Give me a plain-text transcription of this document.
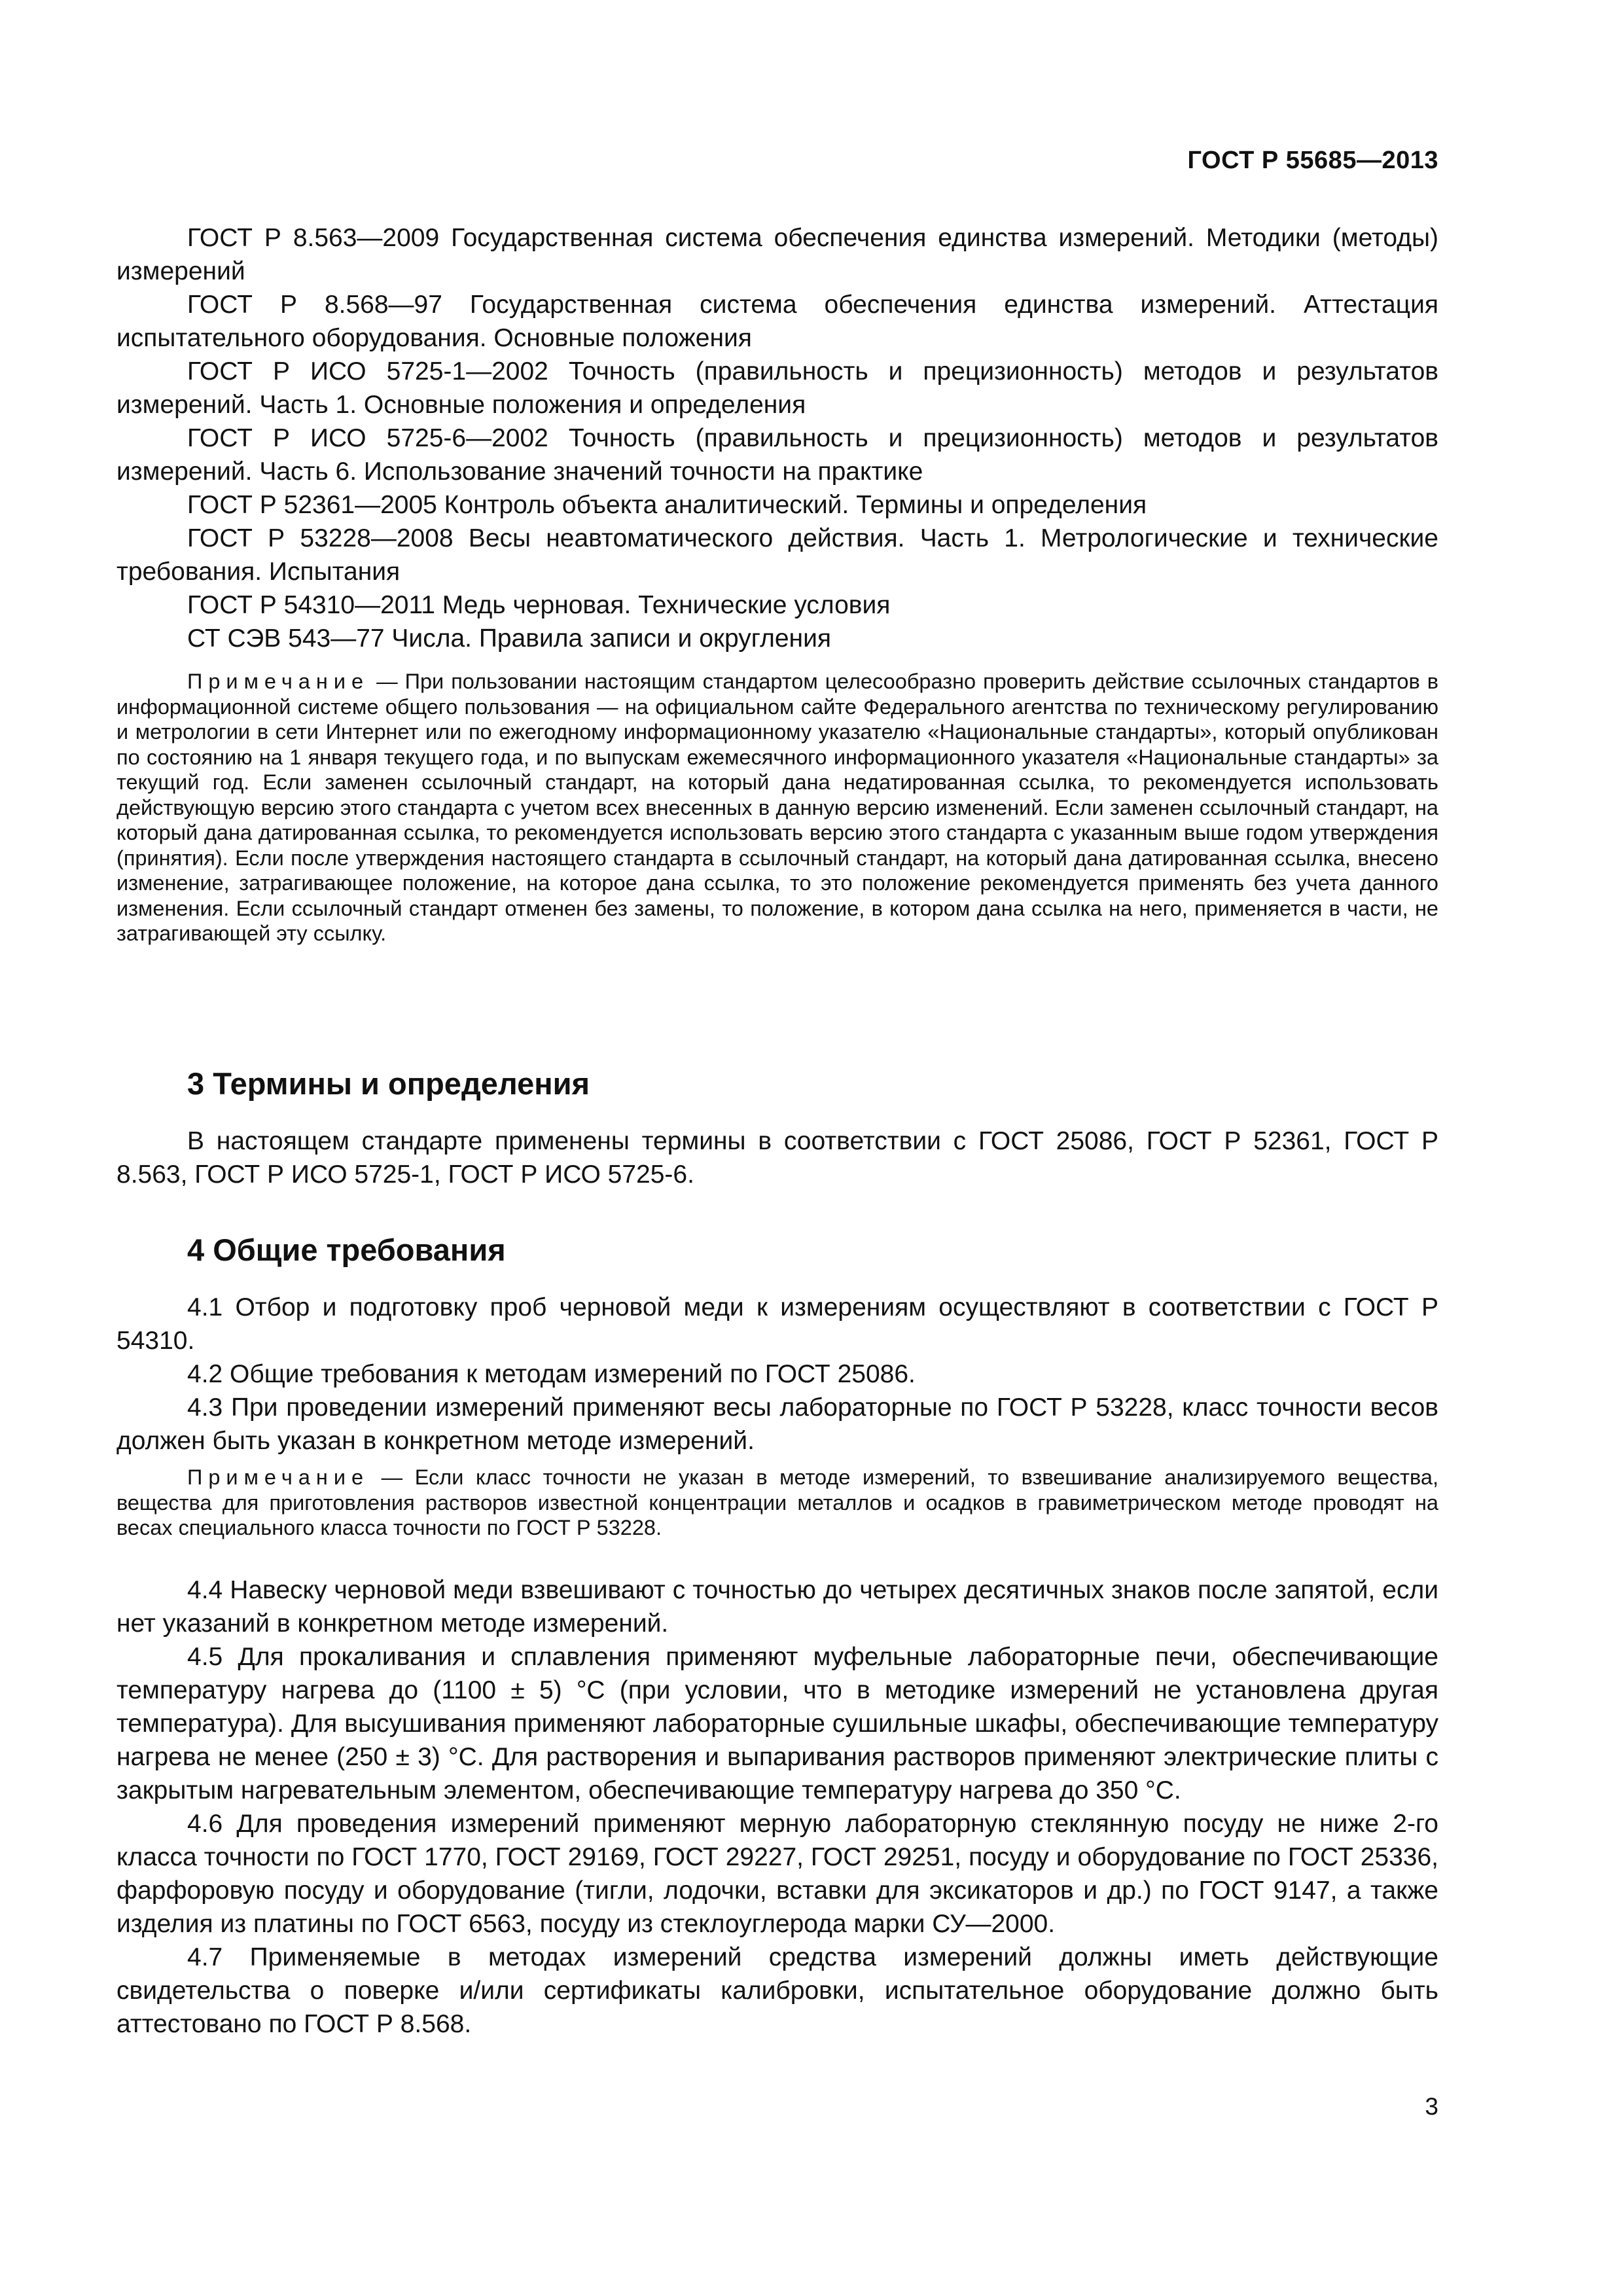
ГОСТ Р 55685—2013

ГОСТ Р 8.563—2009 Государственная система обеспечения единства измерений. Методики (методы) измерений

ГОСТ Р 8.568—97 Государственная система обеспечения единства измерений. Аттестация испытательного оборудования. Основные положения

ГОСТ Р ИСО 5725-1—2002 Точность (правильность и прецизионность) методов и результатов измерений. Часть 1. Основные положения и определения

ГОСТ Р ИСО 5725-6—2002 Точность (правильность и прецизионность) методов и результатов измерений. Часть 6. Использование значений точности на практике

ГОСТ Р 52361—2005 Контроль объекта аналитический. Термины и определения

ГОСТ Р 53228—2008 Весы неавтоматического действия. Часть 1. Метрологические и технические требования. Испытания

ГОСТ Р 54310—2011 Медь черновая. Технические условия

СТ СЭВ 543—77 Числа. Правила записи и округления

Примечание — При пользовании настоящим стандартом целесообразно проверить действие ссылочных стандартов в информационной системе общего пользования — на официальном сайте Федерального агентства по техническому регулированию и метрологии в сети Интернет или по ежегодному информационному указателю «Национальные стандарты», который опубликован по состоянию на 1 января текущего года, и по выпускам ежемесячного информационного указателя «Национальные стандарты» за текущий год. Если заменен ссылочный стандарт, на который дана недатированная ссылка, то рекомендуется использовать действующую версию этого стандарта с учетом всех внесенных в данную версию изменений. Если заменен ссылочный стандарт, на который дана датированная ссылка, то рекомендуется использовать версию этого стандарта с указанным выше годом утверждения (принятия). Если после утверждения настоящего стандарта в ссылочный стандарт, на который дана датированная ссылка, внесено изменение, затрагивающее положение, на которое дана ссылка, то это положение рекомендуется применять без учета данного изменения. Если ссылочный стандарт отменен без замены, то положение, в котором дана ссылка на него, применяется в части, не затрагивающей эту ссылку.

3 Термины и определения

В настоящем стандарте применены термины в соответствии с ГОСТ 25086, ГОСТ Р 52361, ГОСТ Р 8.563, ГОСТ Р ИСО 5725-1, ГОСТ Р ИСО 5725-6.

4 Общие требования

4.1 Отбор и подготовку проб черновой меди к измерениям осуществляют в соответствии с ГОСТ Р 54310.

4.2 Общие требования к методам измерений по ГОСТ 25086.

4.3 При проведении измерений применяют весы лабораторные по ГОСТ Р 53228, класс точности весов должен быть указан в конкретном методе измерений.

Примечание — Если класс точности не указан в методе измерений, то взвешивание анализируемого вещества, вещества для приготовления растворов известной концентрации металлов и осадков в гравиметрическом методе проводят на весах специального класса точности по ГОСТ Р 53228.

4.4 Навеску черновой меди взвешивают с точностью до четырех десятичных знаков после запятой, если нет указаний в конкретном методе измерений.

4.5 Для прокаливания и сплавления применяют муфельные лабораторные печи, обеспечивающие температуру нагрева до (1100 ± 5) °С (при условии, что в методике измерений не установлена другая температура). Для высушивания применяют лабораторные сушильные шкафы, обеспечивающие температуру нагрева не менее (250 ± 3) °С. Для растворения и выпаривания растворов применяют электрические плиты с закрытым нагревательным элементом, обеспечивающие температуру нагрева до 350 °С.

4.6 Для проведения измерений применяют мерную лабораторную стеклянную посуду не ниже 2-го класса точности по ГОСТ 1770, ГОСТ 29169, ГОСТ 29227, ГОСТ 29251, посуду и оборудование по ГОСТ 25336, фарфоровую посуду и оборудование (тигли, лодочки, вставки для эксикаторов и др.) по ГОСТ 9147, а также изделия из платины по ГОСТ 6563, посуду из стеклоуглерода марки СУ—2000.

4.7 Применяемые в методах измерений средства измерений должны иметь действующие свидетельства о поверке и/или сертификаты калибровки, испытательное оборудование должно быть аттестовано по ГОСТ Р 8.568.

3
